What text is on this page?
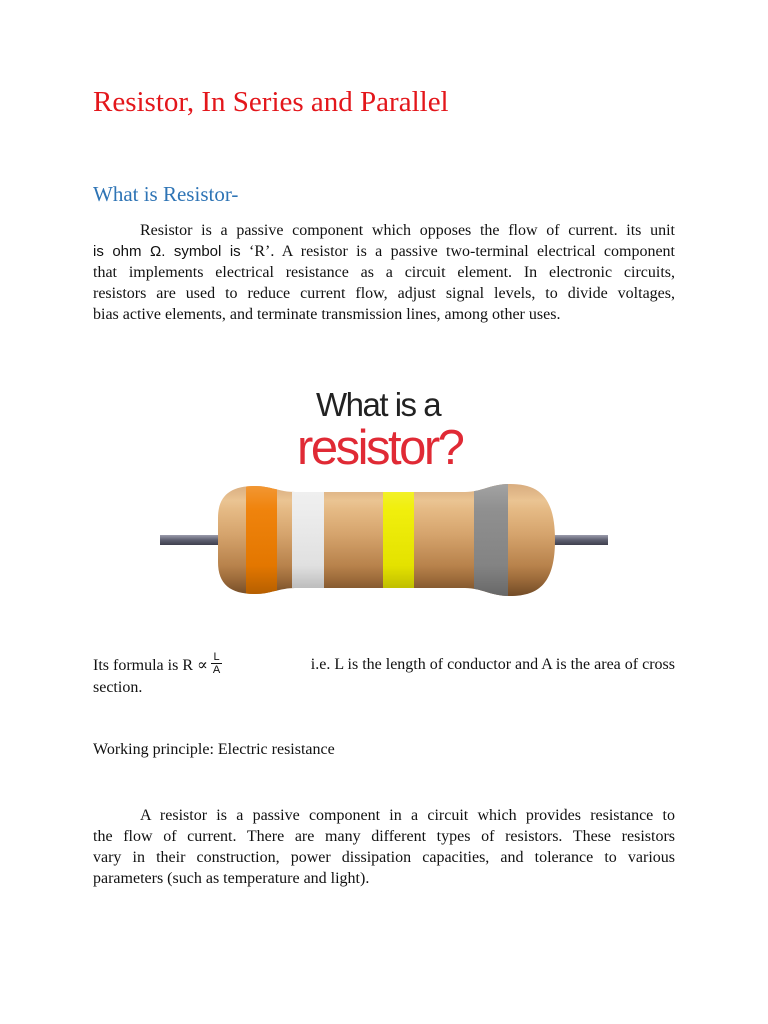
Resistor, In Series and Parallel
What is Resistor-
Resistor is a passive component which opposes the flow of current. its unit
is ohm Ω. symbol is ‘R’. A resistor is a passive two-terminal electrical component
that implements electrical resistance as a circuit element. In electronic circuits,
resistors are used to reduce current flow, adjust signal levels, to divide voltages,
bias active elements, and terminate transmission lines, among other uses.
What is a
resistor?
Its formula is $R \propto \frac{L}{A}$	i.e. L is the length of conductor and A is the area of cross

section.

Working principle: Electric resistance

A resistor is a passive component in a circuit which provides resistance to
the flow of current. There are many different types of resistors. These resistors
vary in their construction, power dissipation capacities, and tolerance to various
parameters (such as temperature and light).
